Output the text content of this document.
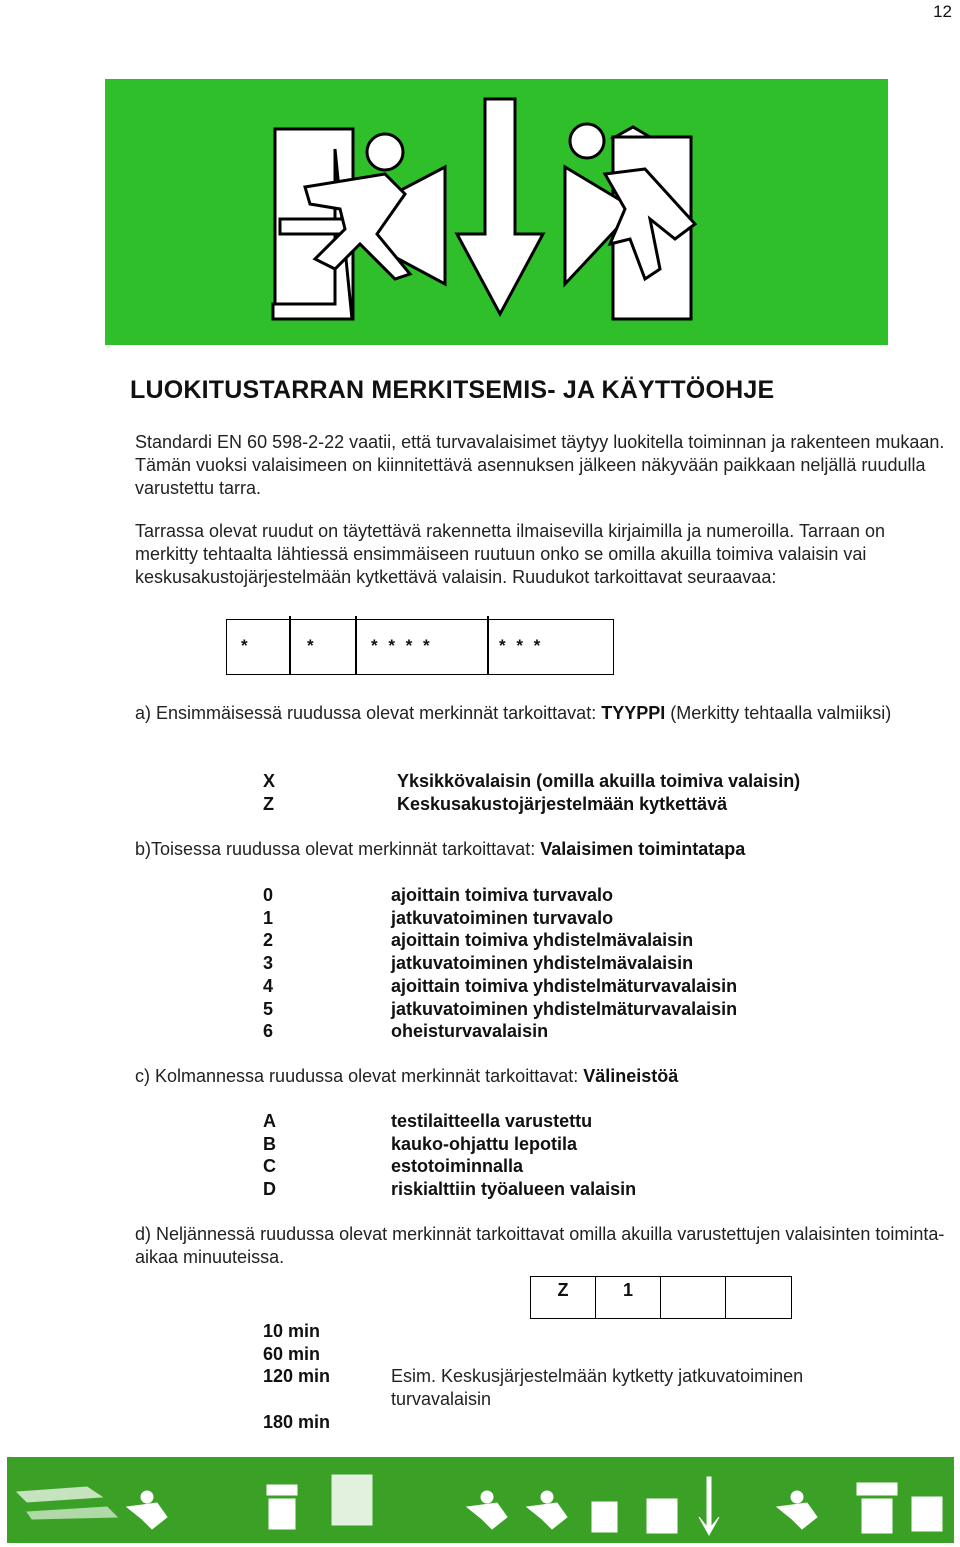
12
LUOKITUSTARRAN MERKITSEMIS- JA KÄYTTÖOHJE
Standardi EN 60 598-2-22 vaatii, että turvavalaisimet täytyy luokitella toiminnan ja rakenteen mukaan. Tämän vuoksi valaisimeen on kiinnitettävä asennuksen jälkeen näkyvään paikkaan neljällä ruudulla varustettu tarra.
Tarrassa olevat ruudut on täytettävä rakennetta ilmaisevilla kirjaimilla ja numeroilla. Tarraan on merkitty tehtaalta lähtiessä ensimmäiseen ruutuun onko se omilla akuilla toimiva valaisin vai keskusakustojärjestelmään kytkettävä valaisin. Ruudukot tarkoittavat seuraavaa:
*	*	* * * *	* * *
a) Ensimmäisessä ruudussa olevat merkinnät tarkoittavat: TYYPPI (Merkitty tehtaalla valmiiksi)
X	Yksikkövalaisin (omilla akuilla toimiva valaisin)
Z	Keskusakustojärjestelmään kytkettävä
b)Toisessa ruudussa olevat merkinnät tarkoittavat: Valaisimen toimintatapa
0	ajoittain toimiva turvavalo
1	jatkuvatoiminen turvavalo
2	ajoittain toimiva yhdistelmävalaisin
3	jatkuvatoiminen yhdistelmävalaisin
4	ajoittain toimiva yhdistelmäturvavalaisin
5	jatkuvatoiminen yhdistelmäturvavalaisin
6	oheisturvavalaisin
c) Kolmannessa ruudussa olevat merkinnät tarkoittavat: Välineistöä
A	testilaitteella varustettu
B	kauko-ohjattu lepotila
C	estotoiminnalla
D	riskialttiin työalueen valaisin
d) Neljännessä ruudussa olevat merkinnät tarkoittavat omilla akuilla varustettujen valaisinten toiminta-aikaa minuuteissa.
Z	1
10 min
60 min
120 min
180 min
Esim. Keskusjärjestelmään kytketty jatkuvatoiminen turvavalaisin
